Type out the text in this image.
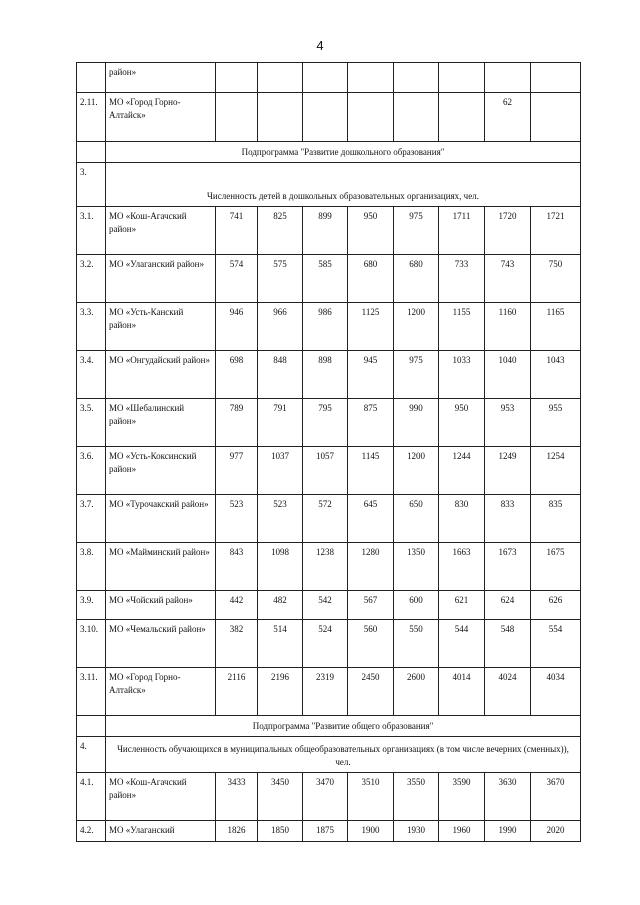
4
	район»								
2.11.	МО «Город Горно-Алтайск»							62	
	Подпрограмма "Развитие дошкольного образования"								
3.	Численность детей в дошкольных образовательных организациях, чел.								
3.1.	МО «Кош-Агачский район»	741	825	899	950	975	1711	1720	1721
3.2.	МО «Улаганский район»	574	575	585	680	680	733	743	750
3.3.	МО «Усть-Канский район»	946	966	986	1125	1200	1155	1160	1165
3.4.	МО «Онгудайский район»	698	848	898	945	975	1033	1040	1043
3.5.	МО «Шебалинский район»	789	791	795	875	990	950	953	955
3.6.	МО «Усть-Коксинский район»	977	1037	1057	1145	1200	1244	1249	1254
3.7.	МО «Турочакский район»	523	523	572	645	650	830	833	835
3.8.	МО «Майминский район»	843	1098	1238	1280	1350	1663	1673	1675
3.9.	МО «Чойский район»	442	482	542	567	600	621	624	626
3.10.	МО «Чемальский район»	382	514	524	560	550	544	548	554
3.11.	МО «Город Горно-Алтайск»	2116	2196	2319	2450	2600	4014	4024	4034
	Подпрограмма "Развитие общего образования"								
4.	Численность обучающихся в муниципальных общеобразовательных организациях (в том числе вечерних (сменных)), чел.								
4.1.	МО «Кош-Агачский район»	3433	3450	3470	3510	3550	3590	3630	3670
4.2.	МО «Улаганский	1826	1850	1875	1900	1930	1960	1990	2020
